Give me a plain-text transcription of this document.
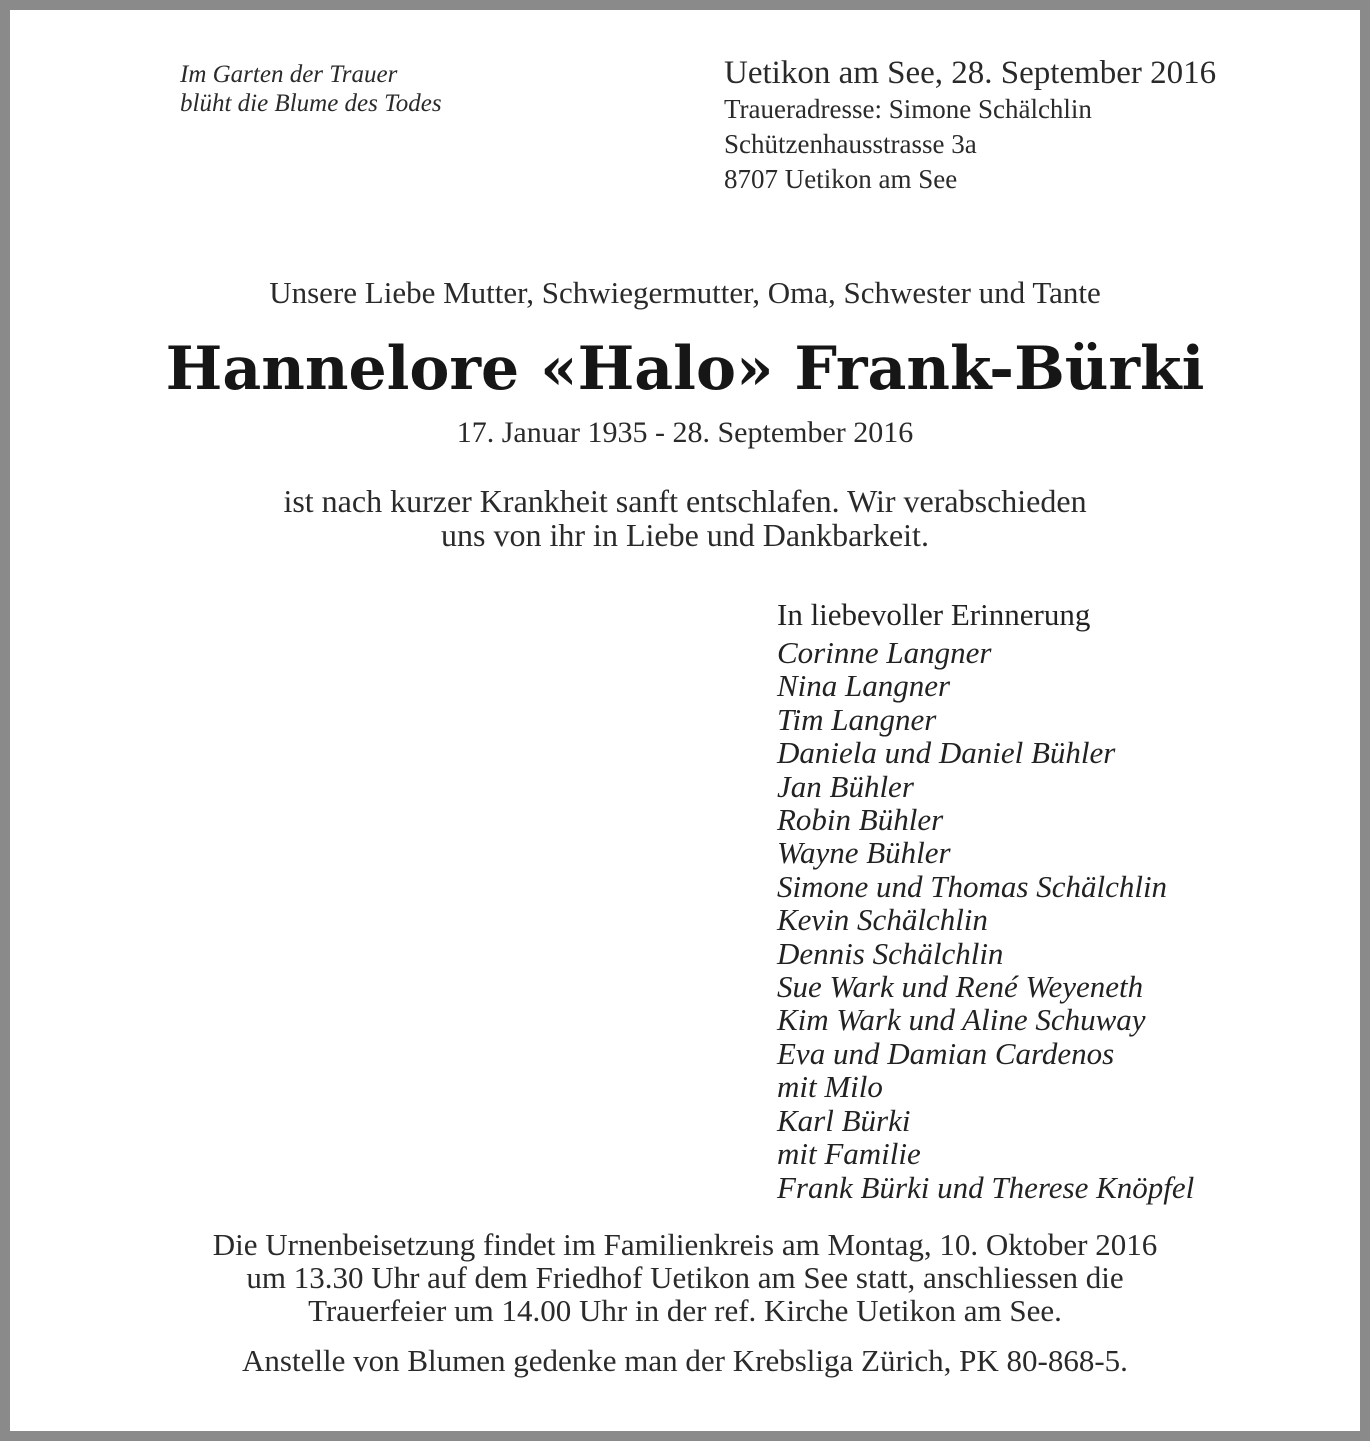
Im Garten der Trauer
blüht die Blume des Todes
Uetikon am See, 28. September 2016
Traueradresse: Simone Schälchlin
Schützenhausstrasse 3a
8707 Uetikon am See
Unsere Liebe Mutter, Schwiegermutter, Oma, Schwester und Tante
Hannelore «Halo» Frank-Bürki
17. Januar 1935 - 28. September 2016
ist nach kurzer Krankheit sanft entschlafen. Wir verabschieden
uns von ihr in Liebe und Dankbarkeit.
In liebevoller Erinnerung
Corinne Langner
Nina Langner
Tim Langner
Daniela und Daniel Bühler
Jan Bühler
Robin Bühler
Wayne Bühler
Simone und Thomas Schälchlin
Kevin Schälchlin
Dennis Schälchlin
Sue Wark und René Weyeneth
Kim Wark und Aline Schuway
Eva und Damian Cardenos
mit Milo
Karl Bürki
mit Familie
Frank Bürki und Therese Knöpfel
Die Urnenbeisetzung findet im Familienkreis am Montag, 10. Oktober 2016
um 13.30 Uhr auf dem Friedhof Uetikon am See statt, anschliessen die
Trauerfeier um 14.00 Uhr in der ref. Kirche Uetikon am See.
Anstelle von Blumen gedenke man der Krebsliga Zürich, PK 80-868-5.
